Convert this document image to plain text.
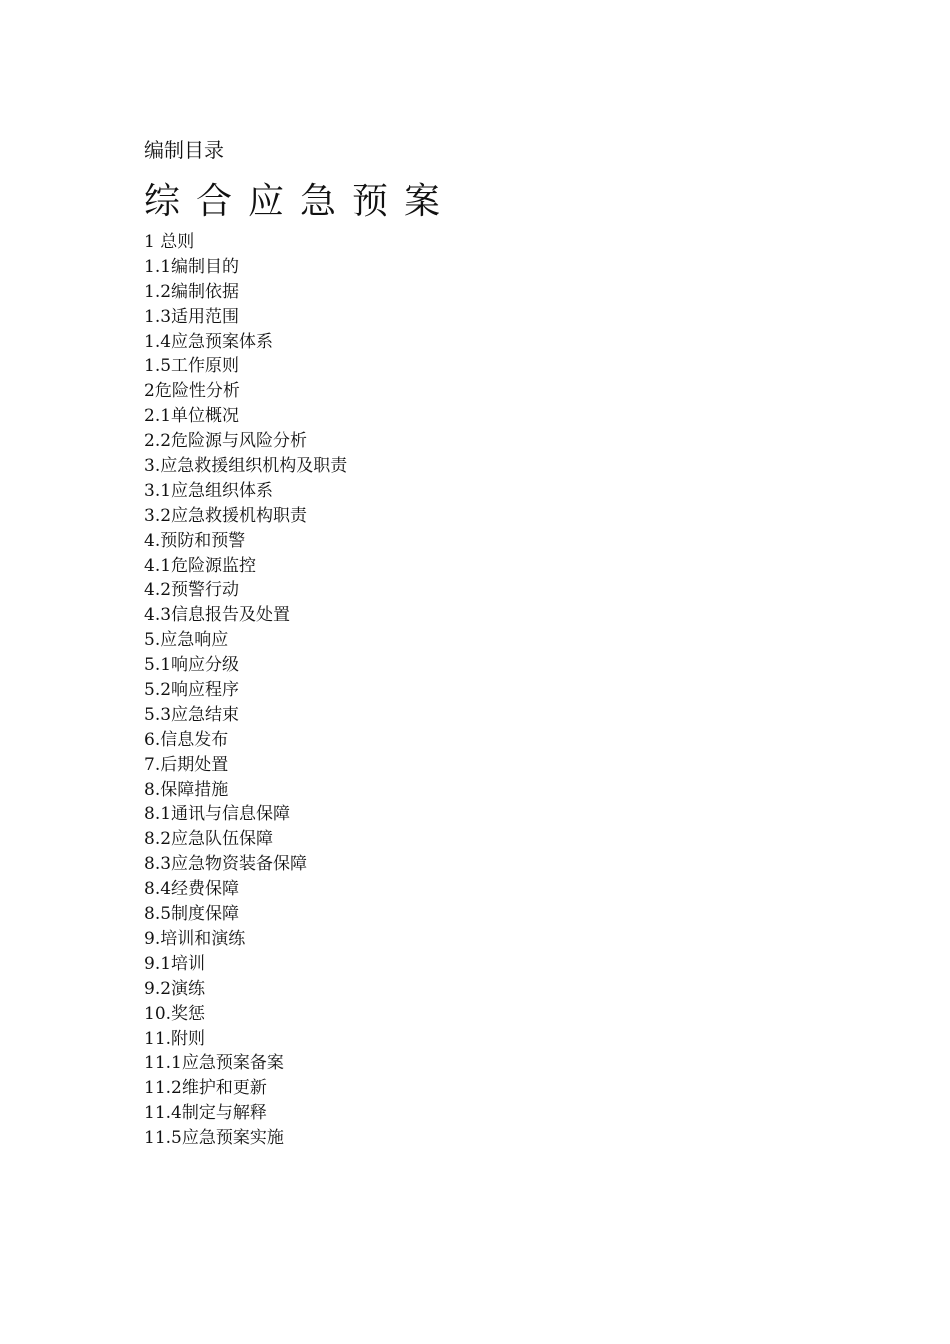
编制目录

综合应急预案
1 总则
1.1编制目的
1.2编制依据
1.3适用范围
1.4应急预案体系
1.5工作原则
2危险性分析
2.1单位概况
2.2危险源与风险分析
3.应急救援组织机构及职责
3.1应急组织体系
3.2应急救援机构职责
4.预防和预警
4.1危险源监控
4.2预警行动
4.3信息报告及处置
5.应急响应
5.1响应分级
5.2响应程序
5.3应急结束
6.信息发布
7.后期处置
8.保障措施
8.1通讯与信息保障
8.2应急队伍保障
8.3应急物资装备保障
8.4经费保障
8.5制度保障
9.培训和演练
9.1培训
9.2演练
10.奖惩
11.附则
11.1应急预案备案
11.2维护和更新
11.4制定与解释
11.5应急预案实施
